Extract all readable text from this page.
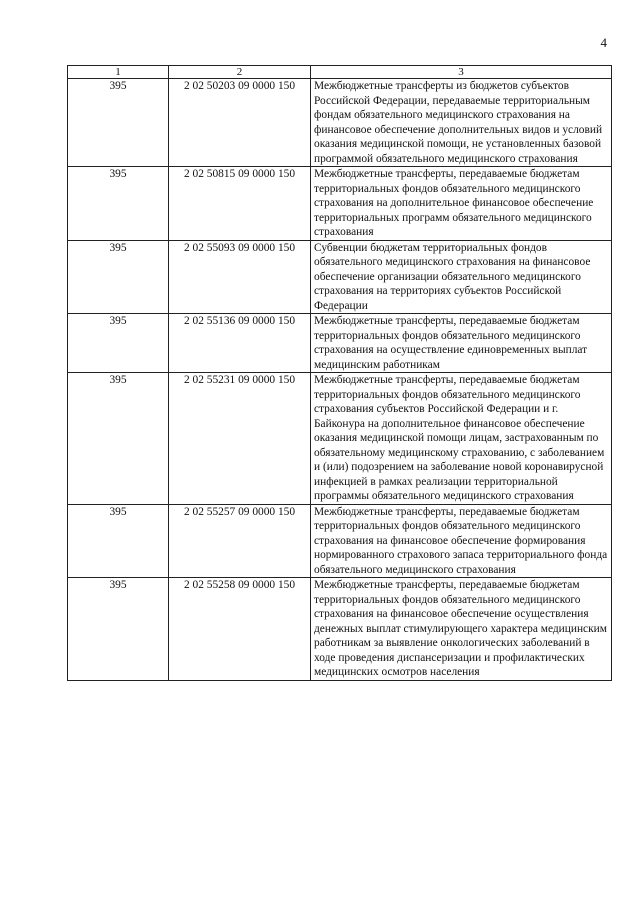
4
1	2	3
395	2 02 50203 09 0000 150	Межбюджетные трансферты из бюджетов субъектов Российской Федерации, передаваемые территориальным фондам обязательного медицинского страхования на финансовое обеспечение дополнительных видов и условий оказания медицинской помощи, не установленных базовой программой обязательного медицинского страхования
395	2 02 50815 09 0000 150	Межбюджетные трансферты, передаваемые бюджетам территориальных фондов обязательного медицинского страхования на дополнительное финансовое обеспечение территориальных программ обязательного медицинского страхования
395	2 02 55093 09 0000 150	Субвенции бюджетам территориальных фондов обязательного медицинского страхования на финансовое обеспечение организации обязательного медицинского страхования на территориях субъектов Российской Федерации
395	2 02 55136 09 0000 150	Межбюджетные трансферты, передаваемые бюджетам территориальных фондов обязательного медицинского страхования на осуществление единовременных выплат медицинским работникам
395	2 02 55231 09 0000 150	Межбюджетные трансферты, передаваемые бюджетам территориальных фондов обязательного медицинского страхования субъектов Российской Федерации и г. Байконура на дополнительное финансовое обеспечение оказания медицинской помощи лицам, застрахованным по обязательному медицинскому страхованию, с заболеванием и (или) подозрением на заболевание новой коронавирусной инфекцией в рамках реализации территориальной программы обязательного медицинского страхования
395	2 02 55257 09 0000 150	Межбюджетные трансферты, передаваемые бюджетам территориальных фондов обязательного медицинского страхования на финансовое обеспечение формирования нормированного страхового запаса территориального фонда обязательного медицинского страхования
395	2 02 55258 09 0000 150	Межбюджетные трансферты, передаваемые бюджетам территориальных фондов обязательного медицинского страхования на финансовое обеспечение осуществления денежных выплат стимулирующего характера медицинским работникам за выявление онкологических заболеваний в ходе проведения диспансеризации и профилактических медицинских осмотров населения
